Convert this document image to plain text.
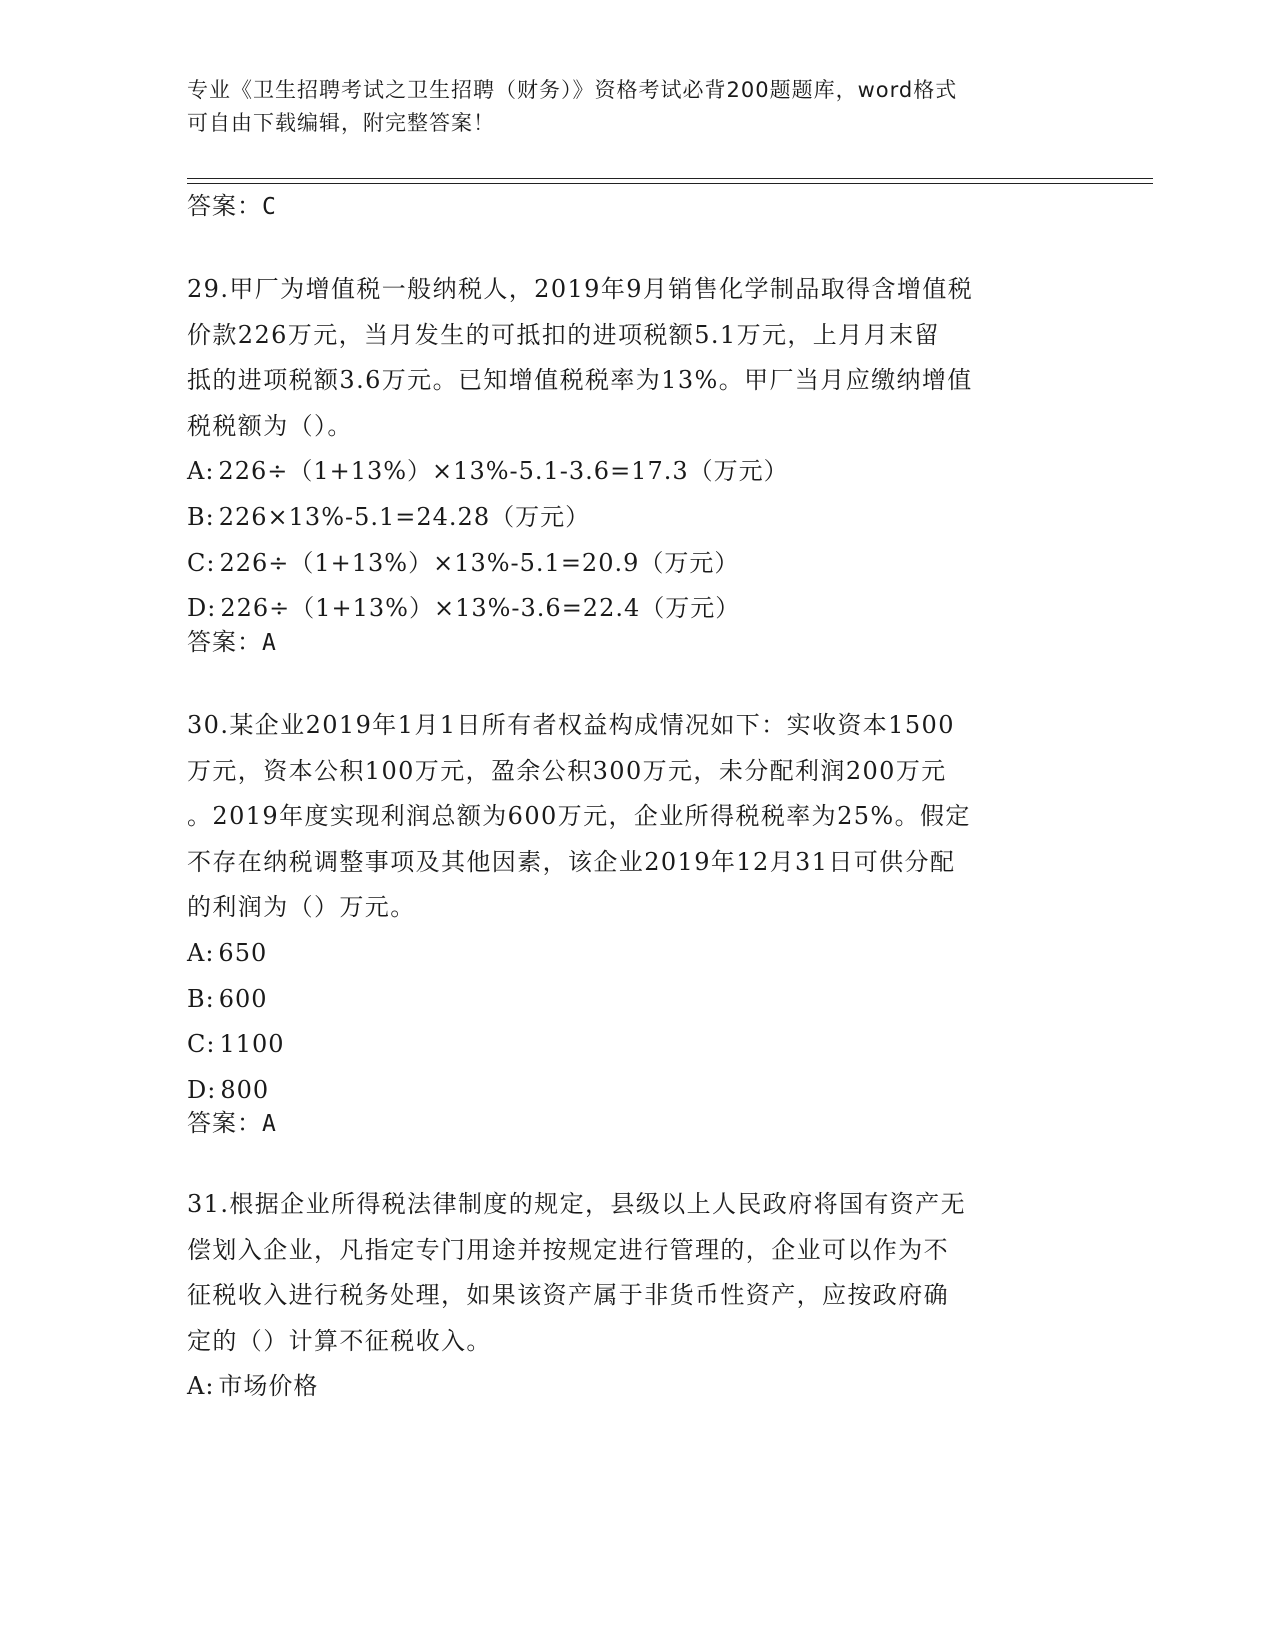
专业《卫生招聘考试之卫生招聘（财务）》资格考试必背200题题库，word格式
可自由下载编辑，附完整答案！
答案：C

29.甲厂为增值税一般纳税人，2019年9月销售化学制品取得含增值税

价款226万元，当月发生的可抵扣的进项税额5.1万元，上月月末留

抵的进项税额3.6万元。已知增值税税率为13%。甲厂当月应缴纳增值

税税额为（）。

A: 226÷（1+13%）×13%-5.1-3.6=17.3（万元）
B: 226×13%-5.1=24.28（万元）
C: 226÷（1+13%）×13%-5.1=20.9（万元）
D: 226÷（1+13%）×13%-3.6=22.4（万元）
答案：A

30.某企业2019年1月1日所有者权益构成情况如下：实收资本1500

万元，资本公积100万元，盈余公积300万元，未分配利润200万元

。2019年度实现利润总额为600万元，企业所得税税率为25%。假定

不存在纳税调整事项及其他因素，该企业2019年12月31日可供分配

的利润为（）万元。

A: 650
B: 600
C: 1100
D: 800
答案：A

31.根据企业所得税法律制度的规定，县级以上人民政府将国有资产无

偿划入企业，凡指定专门用途并按规定进行管理的，企业可以作为不

征税收入进行税务处理，如果该资产属于非货币性资产，应按政府确

定的（）计算不征税收入。

A: 市场价格
